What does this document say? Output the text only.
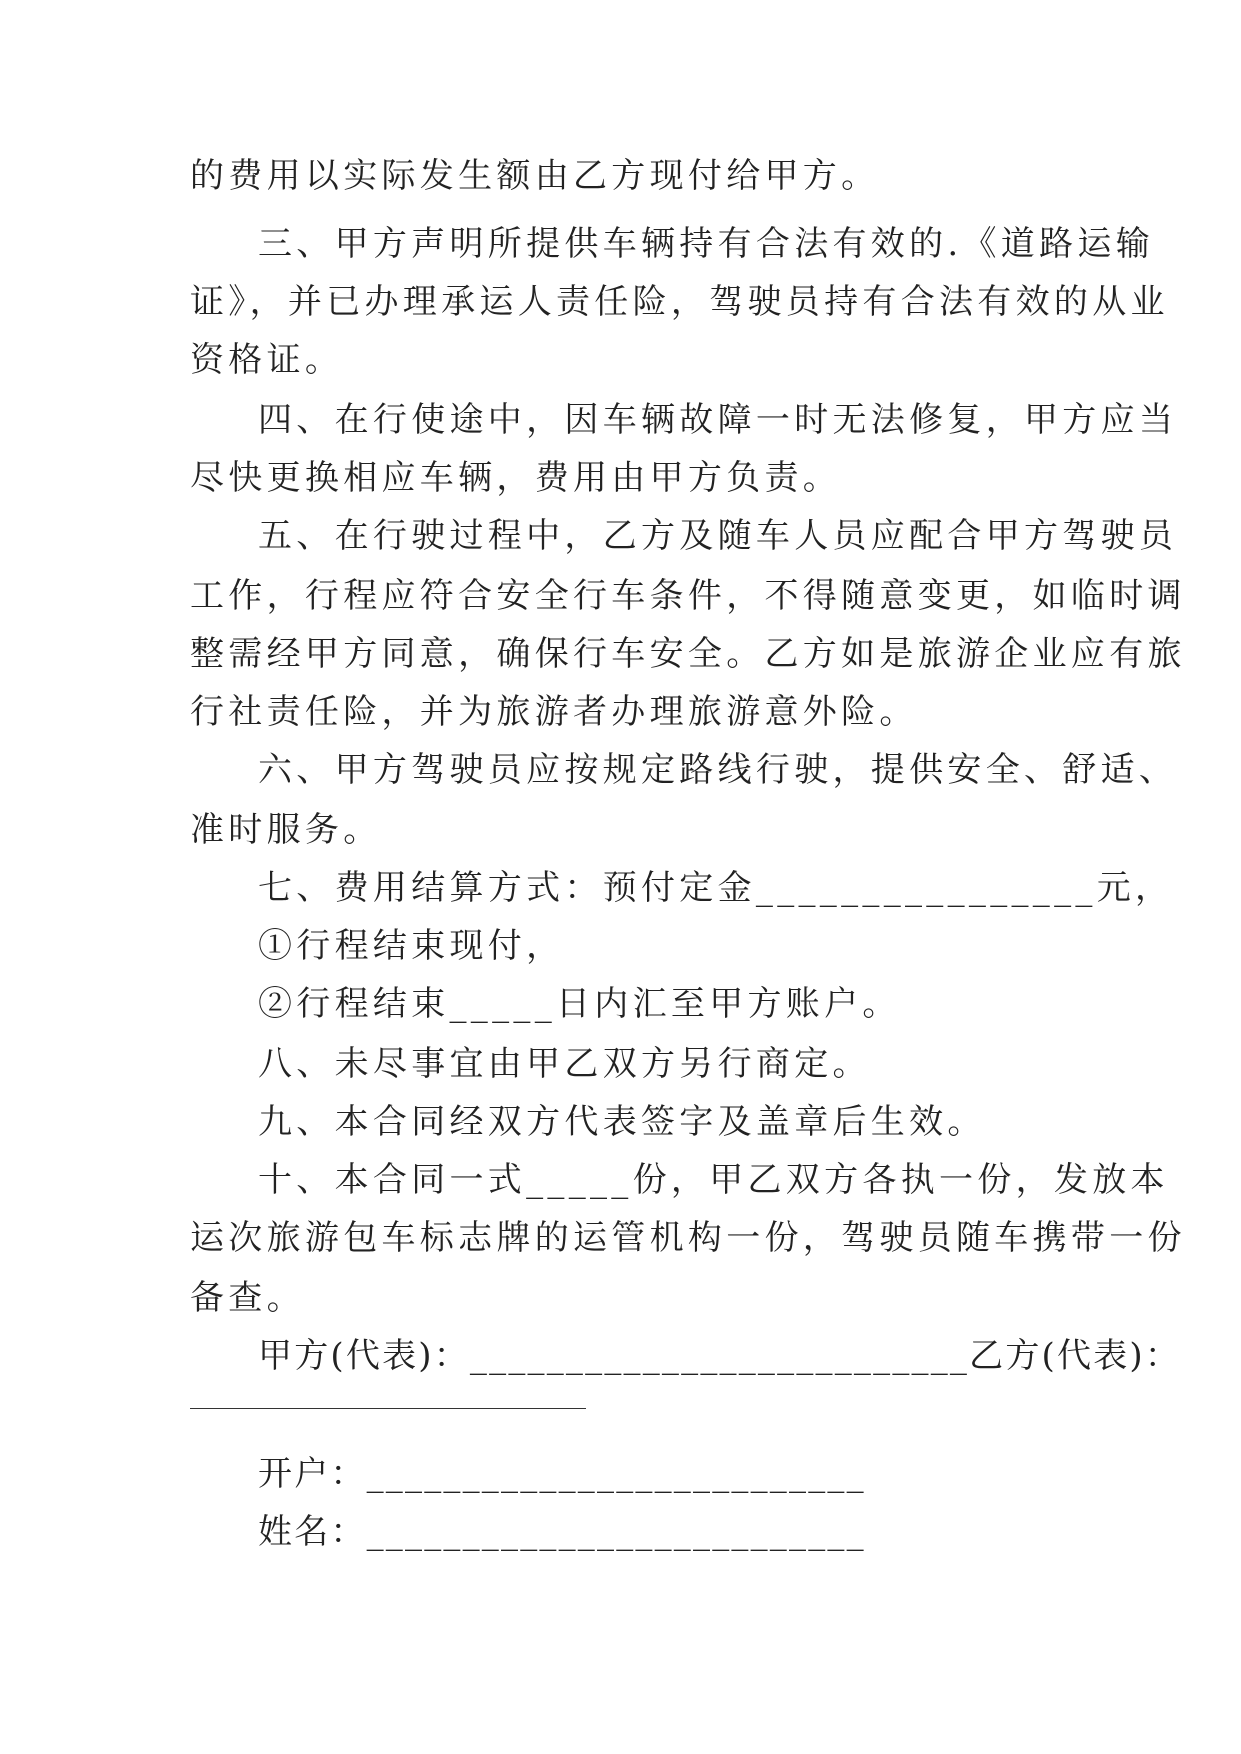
的费用以实际发生额由乙方现付给甲方。
三、甲方声明所提供车辆持有合法有效的.《道路运输
证》，并已办理承运人责任险，驾驶员持有合法有效的从业
资格证。
四、在行使途中，因车辆故障一时无法修复，甲方应当
尽快更换相应车辆，费用由甲方负责。
五、在行驶过程中，乙方及随车人员应配合甲方驾驶员
工作，行程应符合安全行车条件，不得随意变更，如临时调
整需经甲方同意，确保行车安全。乙方如是旅游企业应有旅
行社责任险，并为旅游者办理旅游意外险。
六、甲方驾驶员应按规定路线行驶，提供安全、舒适、
准时服务。
七、费用结算方式：预付定金________________元，
①行程结束现付，
②行程结束_____日内汇至甲方账户。
八、未尽事宜由甲乙双方另行商定。
九、本合同经双方代表签字及盖章后生效。
十、本合同一式_____份，甲乙双方各执一份，发放本
运次旅游包车标志牌的运管机构一份，驾驶员随车携带一份
备查。
甲方(代表)：__________________________乙方(代表)：
开户：__________________________
姓名：__________________________
